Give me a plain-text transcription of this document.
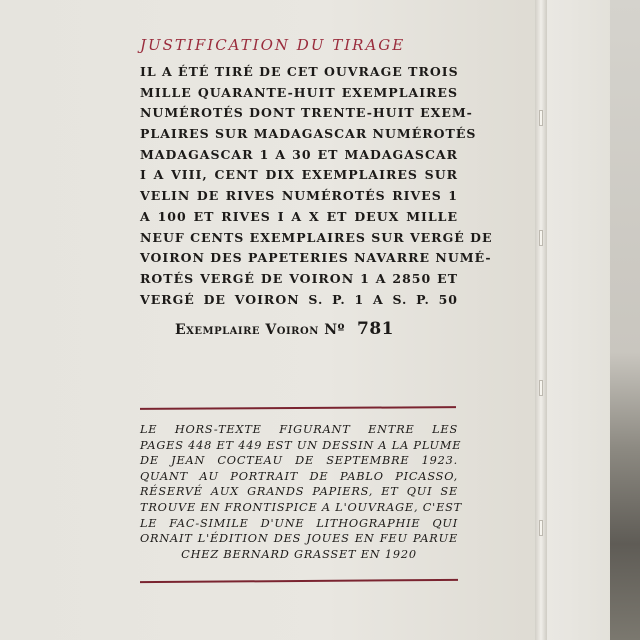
JUSTIFICATION DU TIRAGE
IL A ÉTÉ TIRÉ DE CET OUVRAGE TROIS
MILLE QUARANTE-HUIT EXEMPLAIRES
NUMÉROTÉS DONT TRENTE-HUIT EXEM-
PLAIRES SUR MADAGASCAR NUMÉROTÉS
MADAGASCAR 1 A 30 ET MADAGASCAR
I A VIII, CENT DIX EXEMPLAIRES SUR
VELIN DE RIVES NUMÉROTÉS RIVES 1
A 100 ET RIVES I A X ET DEUX MILLE
NEUF CENTS EXEMPLAIRES SUR VERGÉ DE
VOIRON DES PAPETERIES NAVARRE NUMÉ-
ROTÉS VERGÉ DE VOIRON 1 A 2850 ET
VERGÉ DE VOIRON S. P. 1 A S. P. 50
Exemplaire Voiron Nº 781
LE HORS-TEXTE FIGURANT ENTRE LES
PAGES 448 ET 449 EST UN DESSIN A LA PLUME
DE JEAN COCTEAU DE SEPTEMBRE 1923.
QUANT AU PORTRAIT DE PABLO PICASSO,
RÉSERVÉ AUX GRANDS PAPIERS, ET QUI SE
TROUVE EN FRONTISPICE A L'OUVRAGE, C'EST
LE FAC-SIMILE D'UNE LITHOGRAPHIE QUI
ORNAIT L'ÉDITION DES JOUES EN FEU PARUE
CHEZ BERNARD GRASSET EN 1920
